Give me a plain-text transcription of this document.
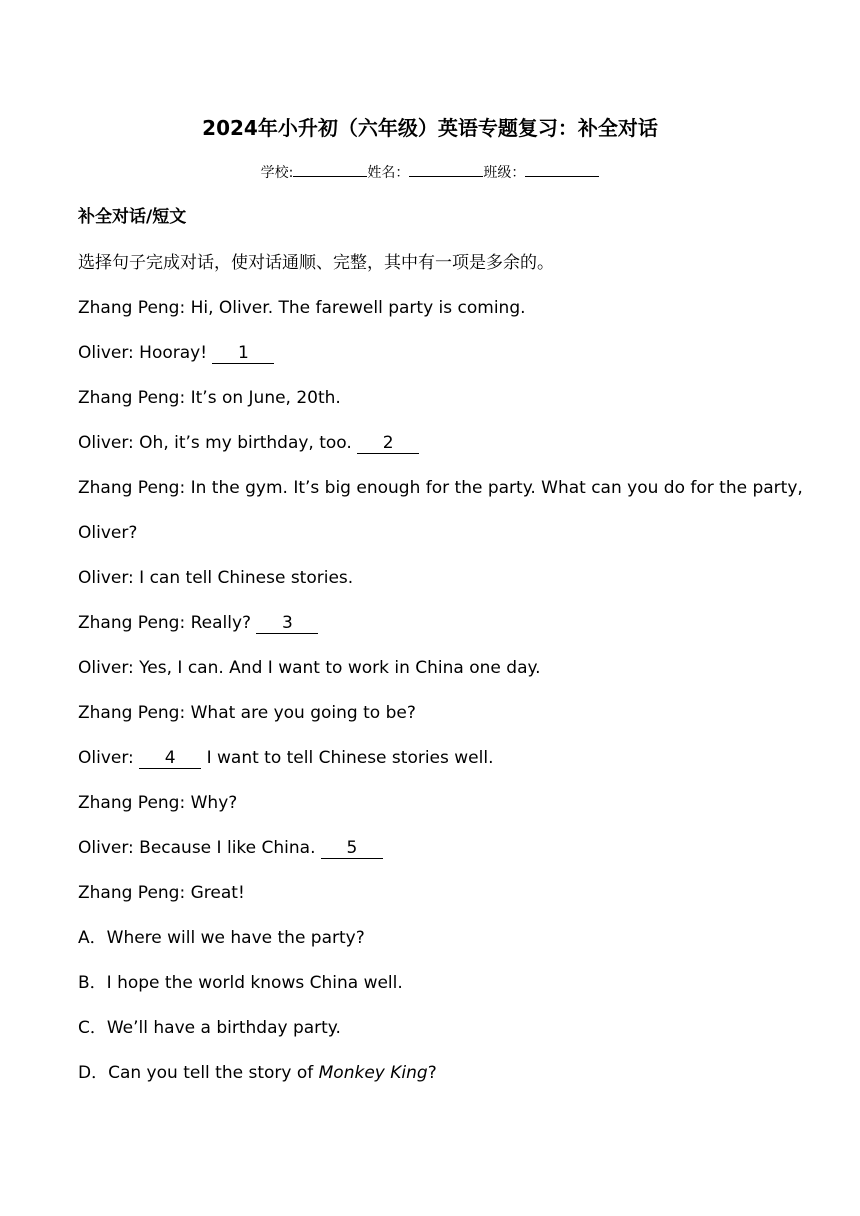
2024年小升初（六年级）英语专题复习：补全对话
学校:	姓名：	班级：
补全对话/短文
选择句子完成对话，使对话通顺、完整，其中有一项是多余的。
Zhang Peng: Hi, Oliver. The farewell party is coming.
Oliver: Hooray! 1
Zhang Peng: It’s on June, 20th.
Oliver: Oh, it’s my birthday, too. 2
Zhang Peng: In the gym. It’s big enough for the party. What can you do for the party,
Oliver?
Oliver: I can tell Chinese stories.
Zhang Peng: Really? 3
Oliver: Yes, I can. And I want to work in China one day.
Zhang Peng: What are you going to be?
Oliver: 4 I want to tell Chinese stories well.
Zhang Peng: Why?
Oliver: Because I like China. 5
Zhang Peng: Great!
A．Where will we have the party?
B．I hope the world knows China well.
C．We’ll have a birthday party.
D．Can you tell the story of Monkey King?
